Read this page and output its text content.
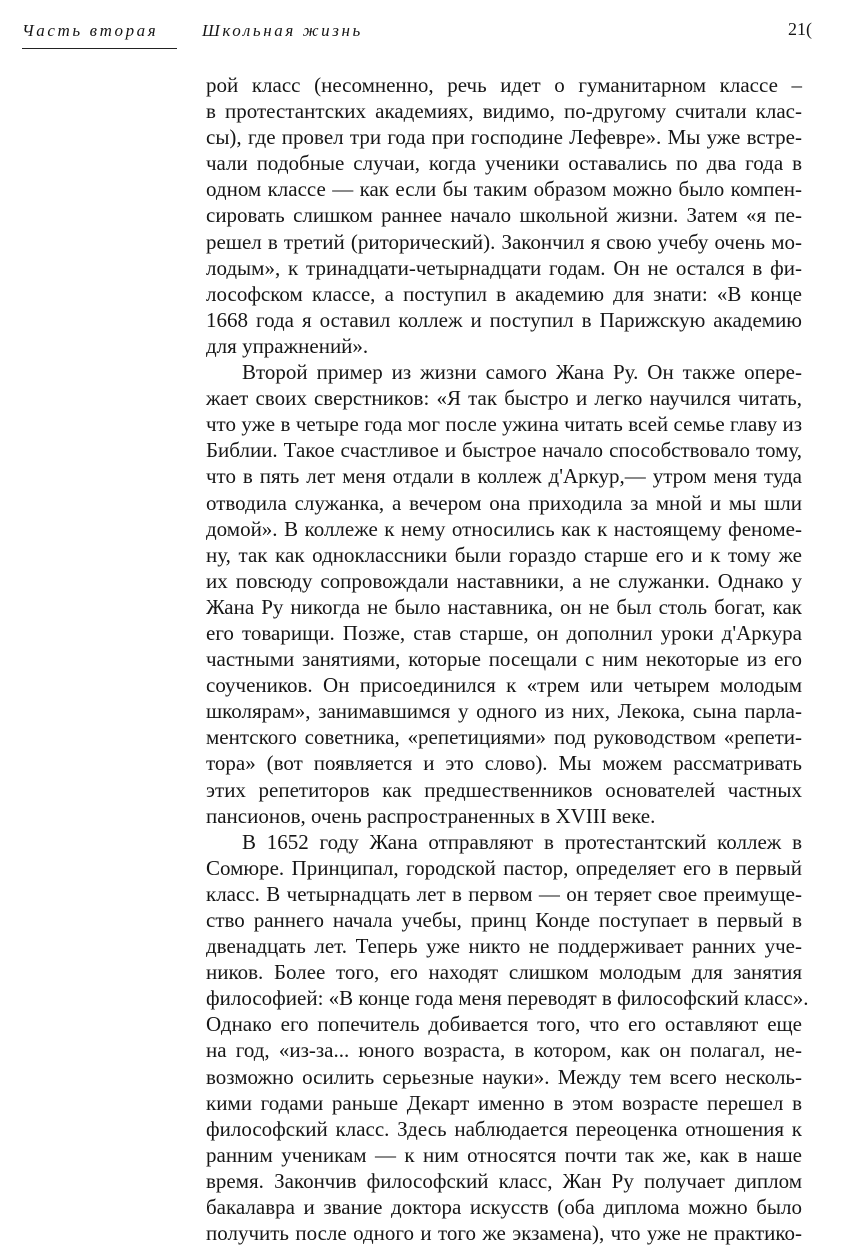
Часть вторая	Школьная жизнь	21(
рой класс (несомненно, речь идет о гуманитарном классе –
в протестантских академиях, видимо, по-другому считали клас-
сы), где провел три года при господине Лефевре». Мы уже встре-
чали подобные случаи, когда ученики оставались по два года в
одном классе — как если бы таким образом можно было компен-
сировать слишком раннее начало школьной жизни. Затем «я пе-
решел в третий (риторический). Закончил я свою учебу очень мо-
лодым», к тринадцати-четырнадцати годам. Он не остался в фи-
лософском классе, а поступил в академию для знати: «В конце
1668 года я оставил коллеж и поступил в Парижскую академию
для упражнений».
Второй пример из жизни самого Жана Ру. Он также опере-
жает своих сверстников: «Я так быстро и легко научился читать,
что уже в четыре года мог после ужина читать всей семье главу из
Библии. Такое счастливое и быстрое начало способствовало тому,
что в пять лет меня отдали в коллеж д'Аркур,— утром меня туда
отводила служанка, а вечером она приходила за мной и мы шли
домой». В коллеже к нему относились как к настоящему феноме-
ну, так как одноклассники были гораздо старше его и к тому же
их повсюду сопровождали наставники, а не служанки. Однако у
Жана Ру никогда не было наставника, он не был столь богат, как
его товарищи. Позже, став старше, он дополнил уроки д'Аркура
частными занятиями, которые посещали с ним некоторые из его
соучеников. Он присоединился к «трем или четырем молодым
школярам», занимавшимся у одного из них, Лекока, сына парла-
ментского советника, «репетициями» под руководством «репети-
тора» (вот появляется и это слово). Мы можем рассматривать
этих репетиторов как предшественников основателей частных
пансионов, очень распространенных в XVIII веке.
В 1652 году Жана отправляют в протестантский коллеж в
Сомюре. Принципал, городской пастор, определяет его в первый
класс. В четырнадцать лет в первом — он теряет свое преимуще-
ство раннего начала учебы, принц Конде поступает в первый в
двенадцать лет. Теперь уже никто не поддерживает ранних уче-
ников. Более того, его находят слишком молодым для занятия
философией: «В конце года меня переводят в философский класс».
Однако его попечитель добивается того, что его оставляют еще
на год, «из-за... юного возраста, в котором, как он полагал, не-
возможно осилить серьезные науки». Между тем всего несколь-
кими годами раньше Декарт именно в этом возрасте перешел в
философский класс. Здесь наблюдается переоценка отношения к
ранним ученикам — к ним относятся почти так же, как в наше
время. Закончив философский класс, Жан Ру получает диплом
бакалавра и звание доктора искусств (оба диплома можно было
получить после одного и того же экзамена), что уже не практико-
